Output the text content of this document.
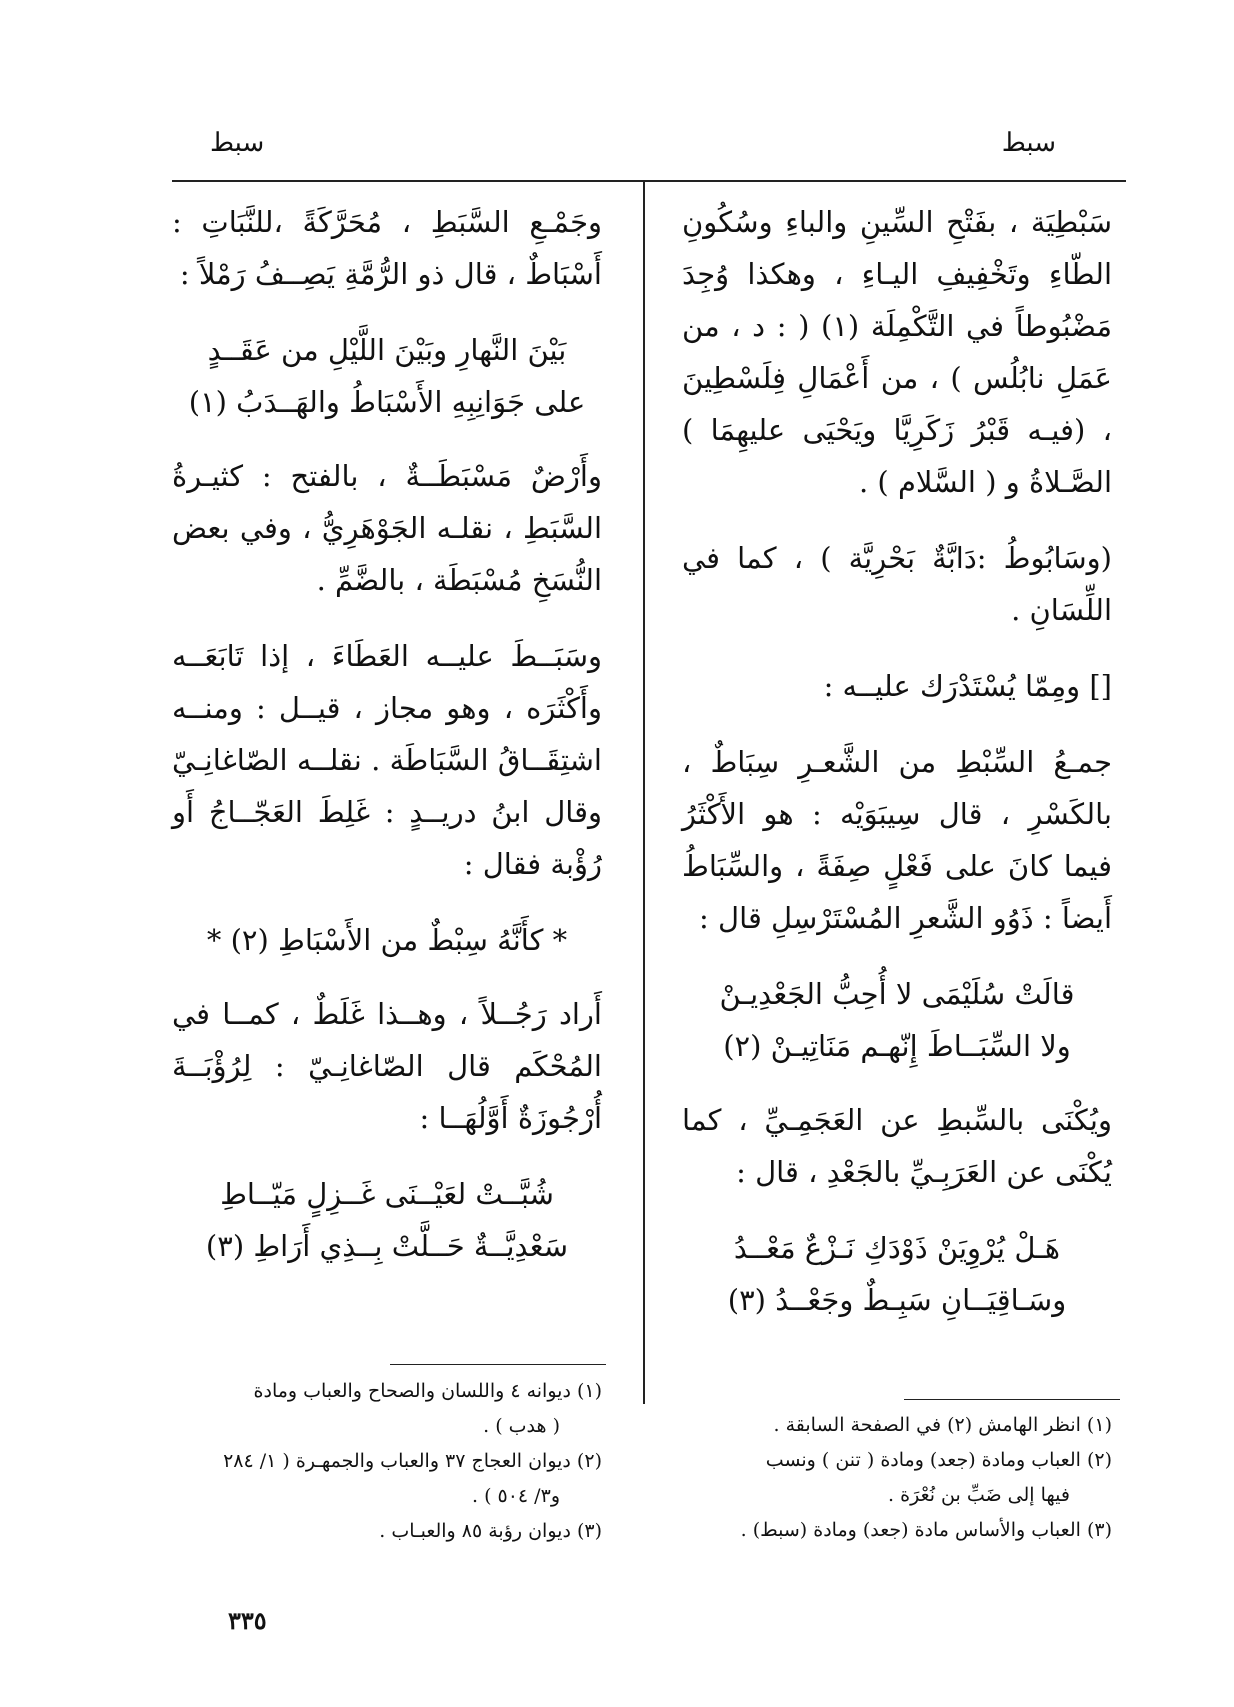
سبط
سبط

سَبْطِيَة ، بفَتْحِ السِّينِ والباءِ وسُكُونِ الطّاءِ وتَخْفِيفِ اليـاءِ ، وهكذا وُجِدَ مَضْبُوطاً في التَّكْمِلَة (١) ( : د ، من عَمَلِ نابُلُس ) ، من أَعْمَالِ فِلَسْطِينَ ، (فيـه قَبْرُ زَكَرِيَّا ويَحْيَى عليهِمَا ) الصَّـلاةُ و ( السَّلام ) .

(وسَابُوطُ :دَابَّةٌ بَحْرِيَّة ) ، كما في اللِّسَانِ .

[] ومِمّا يُسْتَدْرَك عليــه :

جمـعُ السِّبْطِ من الشَّعـرِ سِبَاطٌ ، بالكَسْرِ ، قال سِيبَوَيْه : هو الأَكْثَرُ فيما كانَ على فَعْلٍ صِفَةً ، والسِّبَاطُ أَيضاً : ذَوُو الشَّعرِ المُسْتَرْسِلِ قال :

قالَتْ سُلَيْمَى لا أُحِبُّ الجَعْدِيـنْ
ولا السِّبَــاطَ إِنّهـم مَنَاتِيـنْ (٢)

ويُكْنَى بالسِّبطِ عن العَجَمِـيِّ ، كما يُكْنَى عن العَرَبِـيِّ بالجَعْدِ ، قال :

هَـلْ يُرْوِيَنْ ذَوْدَكِ نَـزْعٌ مَعْــدُ
وسَـاقِيَــانِ سَبِـطٌ وجَعْــدُ (٣)

وجَمْـعِ السَّبَطِ ، مُحَرَّكَةً ،للنَّبَاتِ : أَسْبَاطٌ ، قال ذو الرُّمَّةِ يَصِــفُ رَمْلاً :

بَيْنَ النَّهارِ وبَيْنَ اللَّيْلِ من عَقَــدٍ
على جَوَانِبِهِ الأَسْبَاطُ والهَــدَبُ (١)

وأَرْضٌ مَسْبَطَــةٌ ، بالفتح : كثيـرةُ السَّبَطِ ، نقلـه الجَوْهَرِيُّ ، وفي بعض النُّسَخِ مُسْبَطَة ، بالضَّمِّ .

وسَبَــطَ عليــه العَطَاءَ ، إذا تَابَعَــه وأَكْثَرَه ، وهو مجاز ، قيــل : ومنــه اشتِقَــاقُ السَّبَاطَة . نقلــه الصّاغانِـيّ وقال ابنُ دريــدٍ : غَلِطَ العَجّــاجُ أَو رُؤْبة فقال :

* كأَنَّهُ سِبْطٌ من الأَسْبَاطِ (٢) *

أَراد رَجُــلاً ، وهــذا غَلَطٌ ، كمــا في المُحْكَم قال الصّاغانِـيّ : لِرُؤْبَــةَ أُرْجُوزَةٌ أَوَّلُهَــا :

شُبَّــتْ لعَيْــنَى غَــزِلٍ مَيّــاطِ
سَعْدِيَّــةٌ حَــلَّتْ بِــذِي أَرَاطِ (٣)
(١) انظر الهامش (٢) في الصفحة السابقة .
(٢) العباب ومادة (جعد) ومادة ( تنن ) ونسب
فيها إلى ضَبِّ بن نُعْرَة .
(٣) العباب والأساس مادة (جعد) ومادة (سبط) .
(١) ديوانه ٤ واللسان والصحاح والعباب ومادة
( هدب ) .
(٢) ديوان العجاج ٣٧ والعباب والجمهـرة ( ١/ ٢٨٤
و٣/ ٥٠٤ ) .
(٣) ديوان رؤبة ٨٥ والعبـاب .
٣٣٥
